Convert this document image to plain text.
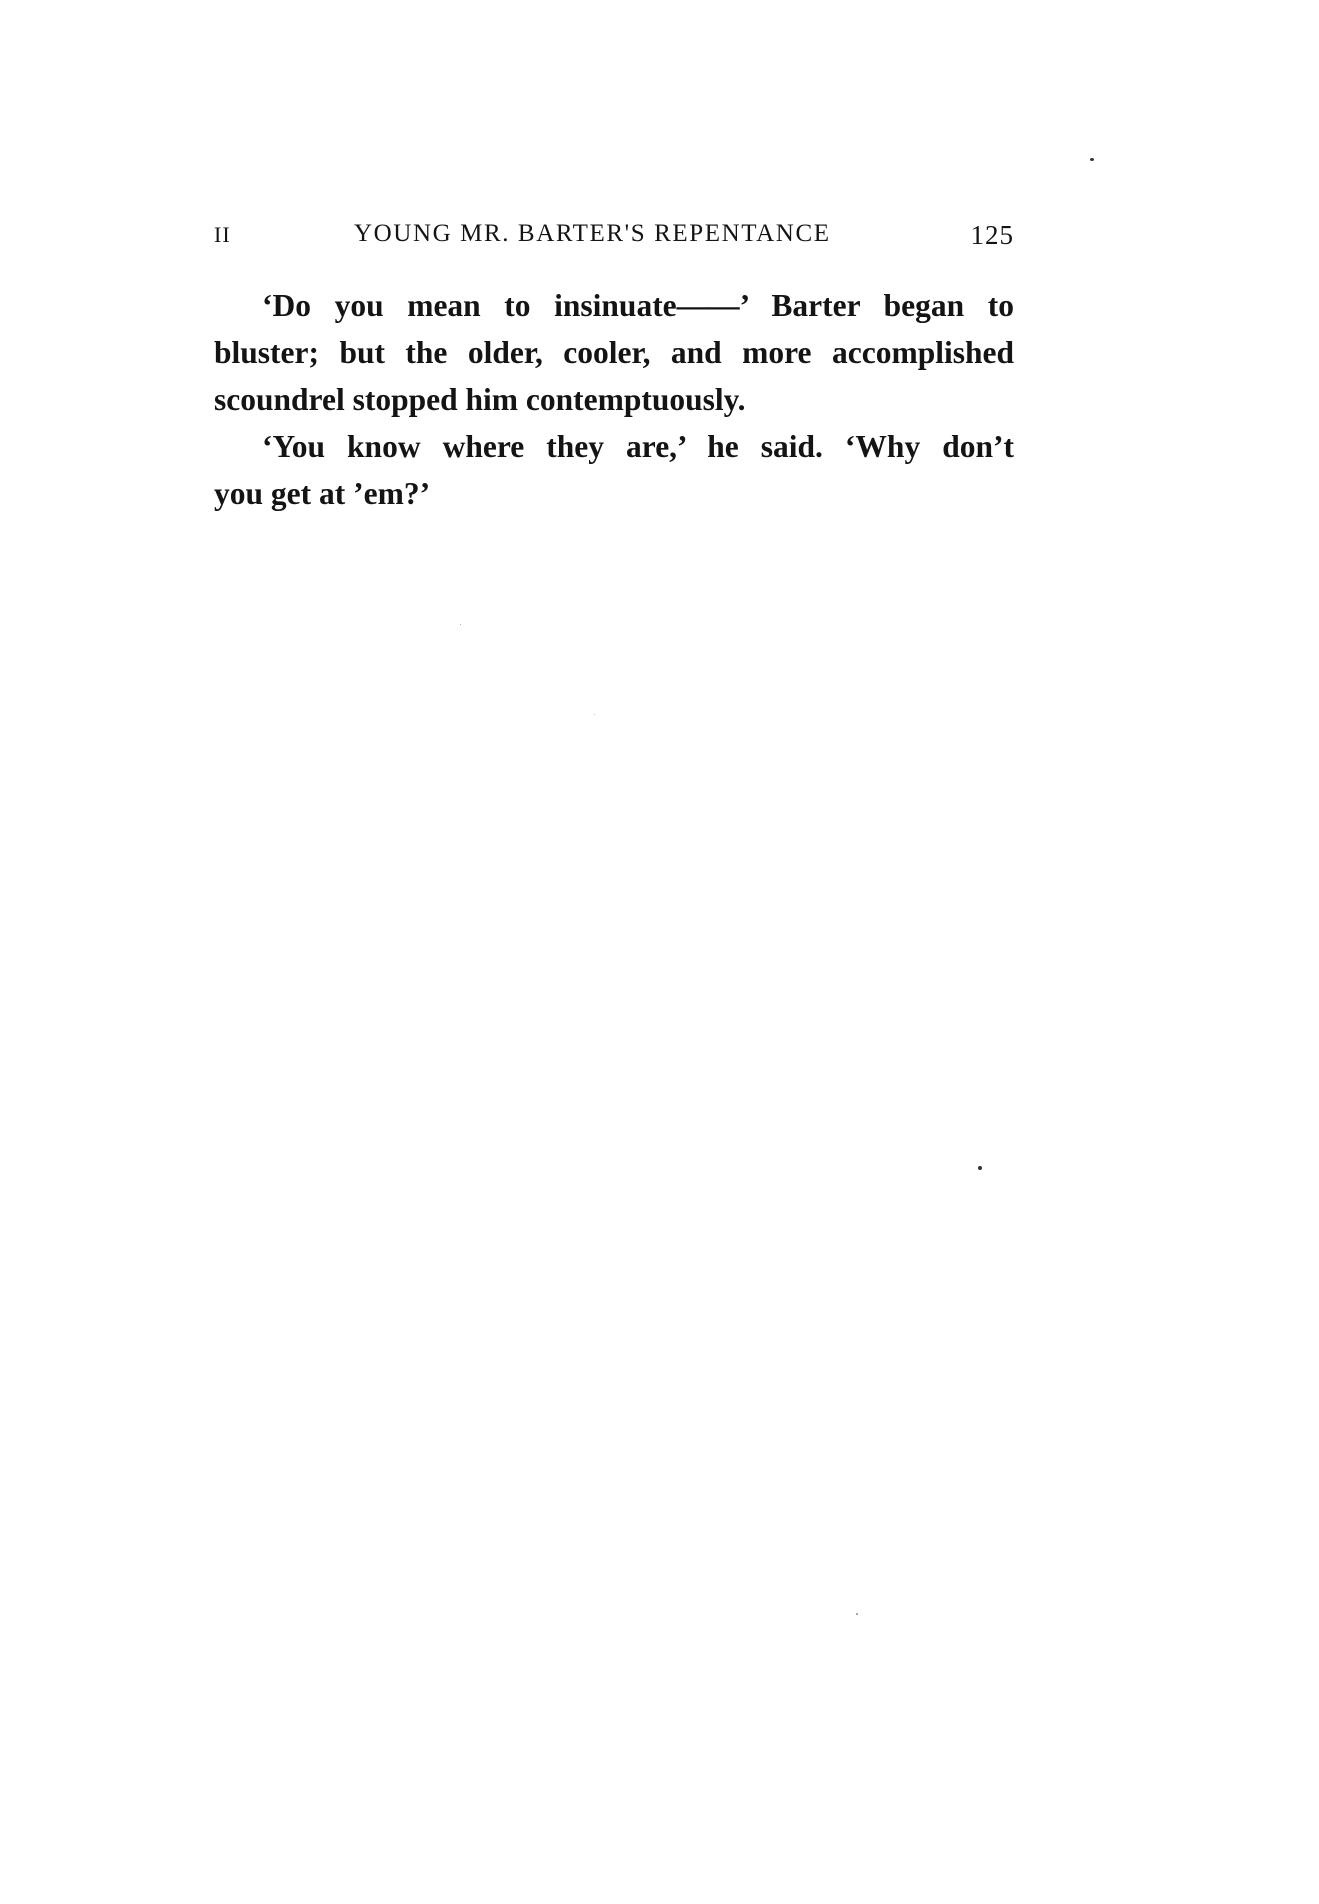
II	YOUNG MR. BARTER'S REPENTANCE	125
‘Do you mean to insinuate——’ Barter began to
bluster; but the older, cooler, and more accomplished
scoundrel stopped him contemptuously.
‘You know where they are,’ he said. ‘Why don’t
you get at ’em?’
